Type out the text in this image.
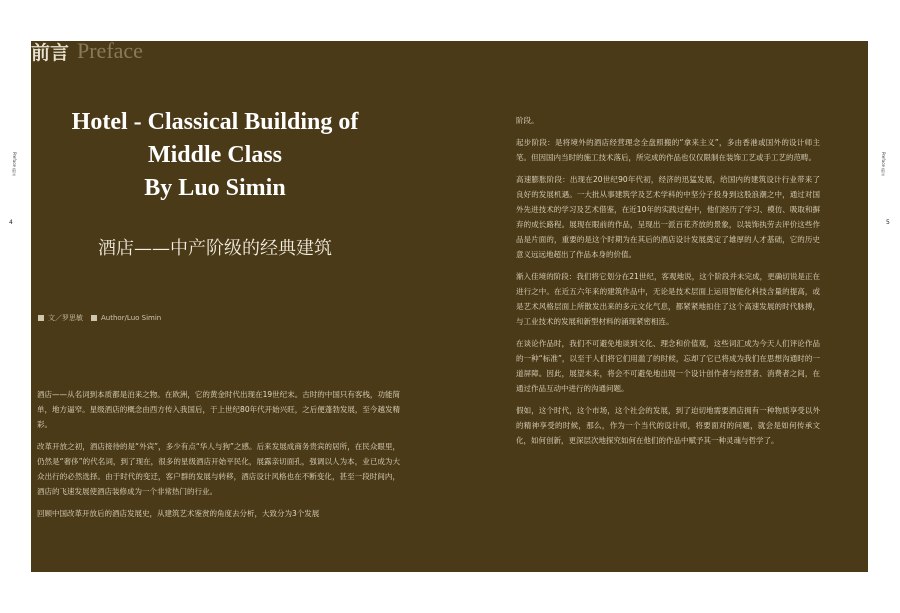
前言 Preface
Hotel - Classical Building of
Middle Class
By Luo Simin
酒店——中产阶级的经典建筑
文／罗思敏	Author/Luo Simin

酒店——从名词到本质都是泊来之物。在欧洲，它的黄金时代出现在19世纪末。古时的中国只有客栈，功能简单，地方逼窄。星级酒店的概念由西方传入我国后，于上世纪80年代开始兴旺，之后便蓬勃发展，至今越发精彩。

改革开放之初，酒店接待的是“外宾”，多少有点“华人与狗”之感。后来发展成商务贵宾的居所，在民众眼里，仍然是“奢侈”的代名词，到了现在，很多的星级酒店开始平民化，展露亲切面孔，强调以人为本，业已成为大众出行的必然选择。由于时代的变迁，客户群的发展与转移，酒店设计风格也在不断变化，甚至一段时间内，酒店的飞速发展使酒店装修成为一个非常热门的行业。

回顾中国改革开放后的酒店发展史，从建筑艺术鉴赏的角度去分析，大致分为3个发展

阶段。

起步阶段：是将境外的酒店经营理念全盘照搬的“拿来主义”，多由香港或国外的设计师主笔。但因国内当时的施工技术落后，所完成的作品也仅仅限制在装饰工艺或手工艺的范畴。

高速膨胀阶段：出现在20世纪90年代初，经济的迅猛发展，给国内的建筑设计行业带来了良好的发展机遇。一大批从事建筑学及艺术学科的中坚分子投身到这股浪潮之中，通过对国外先进技术的学习及艺术借鉴，在近10年的实践过程中，他们经历了学习、模仿、吸取和摒弃的成长路程。展现在眼前的作品，呈现出一派百花齐放的景象，以装饰执劳去评价这些作品是片面的，重要的是这个时期为在其后的酒店设计发展奠定了雄厚的人才基础，它的历史意义远远地超出了作品本身的价值。

渐入佳境的阶段：我们将它划分在21世纪，客观地说，这个阶段并未完成，更确切说是正在进行之中。在近五六年来的建筑作品中，无论是技术层面上运用智能化科技含量的提高，或是艺术风格层面上所散发出来的多元文化气息，都紧紧地扣住了这个高速发展的时代脉搏，与工业技术的发展和新型材料的涌现紧密相连。

在谈论作品时，我们不可避免地谈到文化、理念和价值观，这些词汇成为今天人们评论作品的一种“标准”，以至于人们将它们用滥了的时候，忘却了它已将成为我们在思想沟通时的一道屏障。因此，展望未来，将会不可避免地出现一个设计创作者与经营者、消费者之间，在通过作品互动中进行的沟通问题。

假如，这个时代，这个市场，这个社会的发展，到了迫切地需要酒店拥有一种物质享受以外的精神享受的时候，那么，作为一个当代的设计师，将要面对的问题，就会是如何传承文化，如何创新，更深层次地探究如何在他们的作品中赋予其一种灵魂与哲学了。

Preface 前言
4
Preface 前言
5
